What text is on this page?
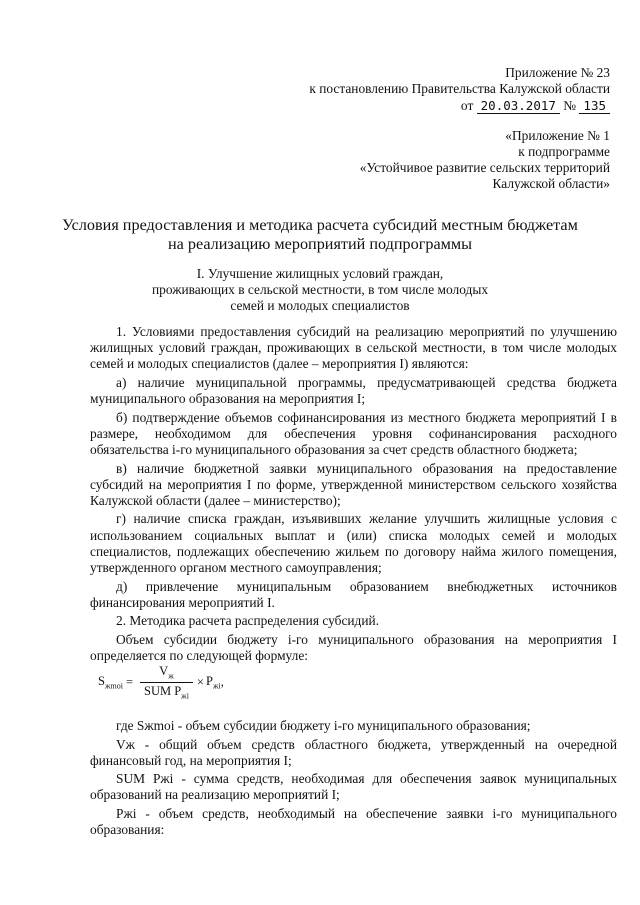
Приложение № 23
к постановлению Правительства Калужской области
от 20.03.2017 № 135
«Приложение № 1
к подпрограмме
«Устойчивое развитие сельских территорий
Калужской области»
Условия предоставления и методика расчета субсидий местным бюджетам
на реализацию мероприятий подпрограммы
I. Улучшение жилищных условий граждан,
проживающих в сельской местности, в том числе молодых
семей и молодых специалистов

1. Условиями предоставления субсидий на реализацию мероприятий по улучшению жилищных условий граждан, проживающих в сельской местности, в том числе молодых семей и молодых специалистов (далее – мероприятия I) являются:

а) наличие муниципальной программы, предусматривающей средства бюджета муниципального образования на мероприятия I;

б) подтверждение объемов софинансирования из местного бюджета мероприятий I в размере, необходимом для обеспечения уровня софинансирования расходного обязательства i-го муниципального образования за счет средств областного бюджета;

в) наличие бюджетной заявки муниципального образования на предоставление субсидий на мероприятия I по форме, утвержденной министерством сельского хозяйства Калужской области (далее – министерство);

г) наличие списка граждан, изъявивших желание улучшить жилищные условия с использованием социальных выплат и (или) списка молодых семей и молодых специалистов, подлежащих обеспечению жильем по договору найма жилого помещения, утвержденного органом местного самоуправления;

д) привлечение муниципальным образованием внебюджетных источников финансирования мероприятий I.

2. Методика расчета распределения субсидий.

Объем субсидии бюджету i-го муниципального образования на мероприятия I определяется по следующей формуле:

$S_{жmoi} = \frac{V_ж}{SUM P_{жi}} \times P_{жi}$ ,

где Sжmoi - объем субсидии бюджету i-го муниципального образования;

Vж - общий объем средств областного бюджета, утвержденный на очередной финансовый год, на мероприятия I;

SUM Pжi - сумма средств, необходимая для обеспечения заявок муниципальных образований на реализацию мероприятий I;

Pжi - объем средств, необходимый на обеспечение заявки i-го муниципального образования:
